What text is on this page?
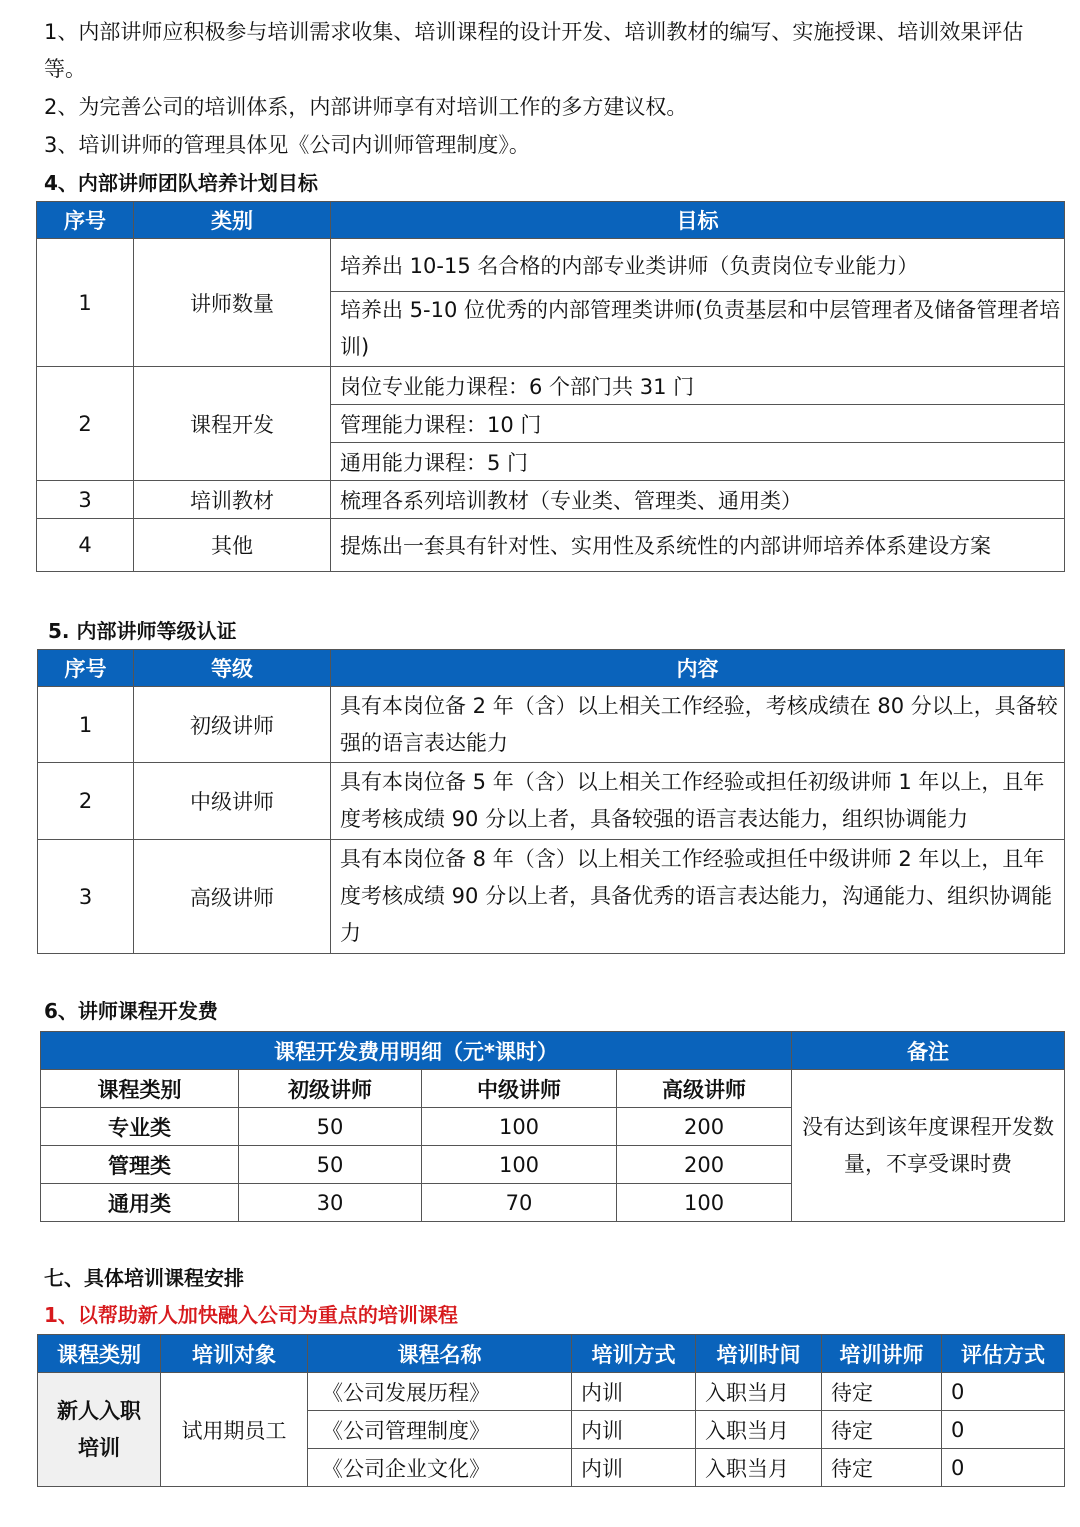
1、内部讲师应积极参与培训需求收集、培训课程的设计开发、培训教材的编写、实施授课、培训效果评估等。
2、为完善公司的培训体系，内部讲师享有对培训工作的多方建议权。
3、培训讲师的管理具体见《公司内训师管理制度》。
4、内部讲师团队培养计划目标
序号	类别	目标
1	讲师数量	培养出 10-15 名合格的内部专业类讲师（负责岗位专业能力）
		培养出 5-10 位优秀的内部管理类讲师(负责基层和中层管理者及储备管理者培训)
2	课程开发	岗位专业能力课程：6 个部门共 31 门
		管理能力课程：10 门
		通用能力课程：5 门
3	培训教材	梳理各系列培训教材（专业类、管理类、通用类）
4	其他	提炼出一套具有针对性、实用性及系统性的内部讲师培养体系建设方案
5. 内部讲师等级认证
序号	等级	内容
1	初级讲师	具有本岗位备 2 年（含）以上相关工作经验，考核成绩在 80 分以上，具备较强的语言表达能力
2	中级讲师	具有本岗位备 5 年（含）以上相关工作经验或担任初级讲师 1 年以上，且年度考核成绩 90 分以上者，具备较强的语言表达能力，组织协调能力
3	高级讲师	具有本岗位备 8 年（含）以上相关工作经验或担任中级讲师 2 年以上，且年度考核成绩 90 分以上者，具备优秀的语言表达能力，沟通能力、组织协调能力
6、讲师课程开发费
课程开发费用明细（元*课时）				备注
课程类别	初级讲师	中级讲师	高级讲师	没有达到该年度课程开发数量，不享受课时费
专业类	50	100	200	
管理类	50	100	200	
通用类	30	70	100	
七、具体培训课程安排
1、以帮助新人加快融入公司为重点的培训课程
课程类别	培训对象	课程名称	培训方式	培训时间	培训讲师	评估方式
新人入职培训	试用期员工	《公司发展历程》	内训	入职当月	待定	0
		《公司管理制度》	内训	入职当月	待定	0
		《公司企业文化》	内训	入职当月	待定	0
